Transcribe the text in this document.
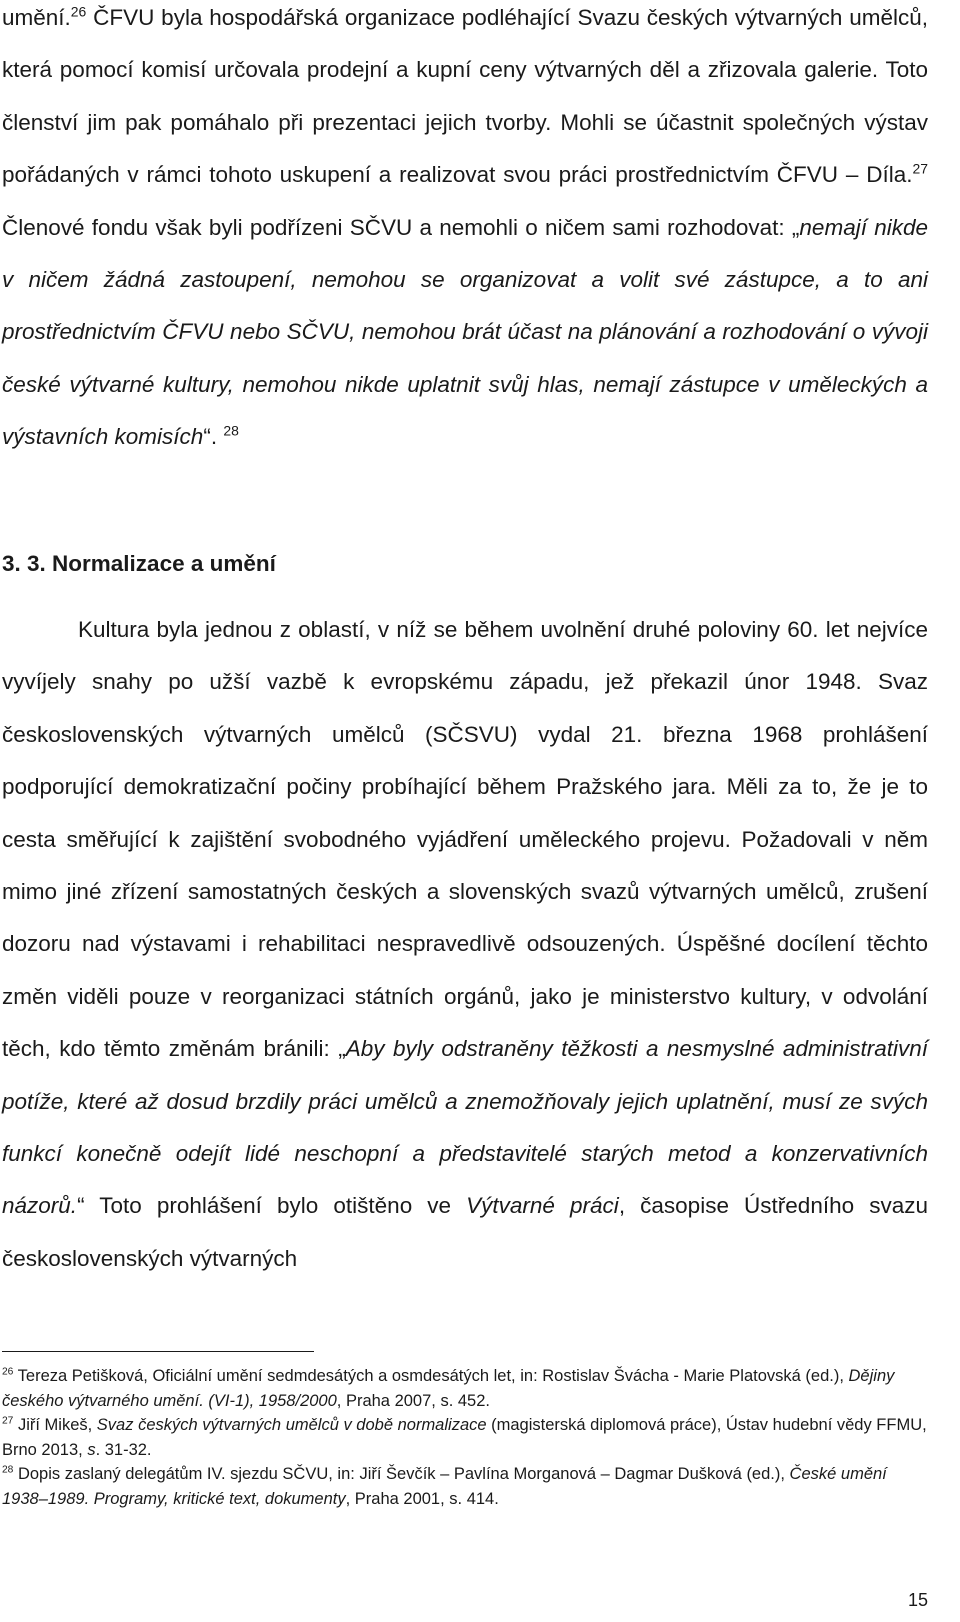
umění.$^{26}$ ČFVU byla hospodářská organizace podléhající Svazu českých výtvarných umělců, která pomocí komisí určovala prodejní a kupní ceny výtvarných děl a zřizovala galerie. Toto členství jim pak pomáhalo při prezentaci jejich tvorby. Mohli se účastnit společných výstav pořádaných v rámci tohoto uskupení a realizovat svou práci prostřednictvím ČFVU – Díla.$^{27}$ Členové fondu však byli podřízeni SČVU a nemohli o ničem sami rozhodovat: „nemají nikde v ničem žádná zastoupení, nemohou se organizovat a volit své zástupce, a to ani prostřednictvím ČFVU nebo SČVU, nemohou brát účast na plánování a rozhodování o vývoji české výtvarné kultury, nemohou nikde uplatnit svůj hlas, nemají zástupce v uměleckých a výstavních komisích“. $^{28}$

3. 3. Normalizace a umění

Kultura byla jednou z oblastí, v níž se během uvolnění druhé poloviny 60. let nejvíce vyvíjely snahy po užší vazbě k evropskému západu, jež překazil únor 1948. Svaz československých výtvarných umělců (SČSVU) vydal 21. března 1968 prohlášení podporující demokratizační počiny probíhající během Pražského jara. Měli za to, že je to cesta směřující k zajištění svobodného vyjádření uměleckého projevu. Požadovali v něm mimo jiné zřízení samostatných českých a slovenských svazů výtvarných umělců, zrušení dozoru nad výstavami i rehabilitaci nespravedlivě odsouzených. Úspěšné docílení těchto změn viděli pouze v reorganizaci státních orgánů, jako je ministerstvo kultury, v odvolání těch, kdo těmto změnám bránili: „Aby byly odstraněny těžkosti a nesmyslné administrativní potíže, které až dosud brzdily práci umělců a znemožňovaly jejich uplatnění, musí ze svých funkcí konečně odejít lidé neschopní a představitelé starých metod a konzervativních názorů.“ Toto prohlášení bylo otištěno ve Výtvarné práci, časopise Ústředního svazu československých výtvarných

$^{26}$ Tereza Petišková, Oficiální umění sedmdesátých a osmdesátých let, in: Rostislav Švácha - Marie Platovská (ed.), Dějiny českého výtvarného umění. (VI-1), 1958/2000, Praha 2007, s. 452.

$^{27}$ Jiří Mikeš, Svaz českých výtvarných umělců v době normalizace (magisterská diplomová práce), Ústav hudební vědy FFMU, Brno 2013, s. 31-32.

$^{28}$ Dopis zaslaný delegátům IV. sjezdu SČVU, in: Jiří Ševčík – Pavlína Morganová – Dagmar Dušková (ed.), České umění 1938–1989. Programy, kritické text, dokumenty, Praha 2001, s. 414.

15
